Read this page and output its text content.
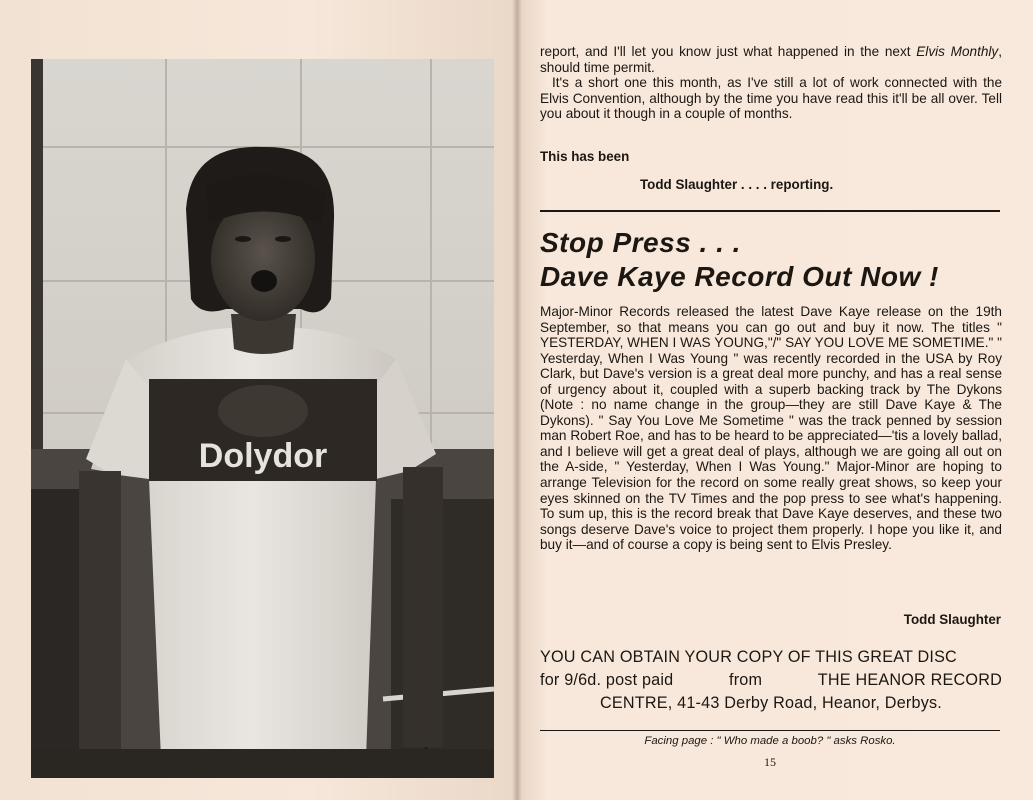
Dolydor

report, and I'll let you know just what happened in the next Elvis Monthly, should time permit.

It's a short one this month, as I've still a lot of work connected with the Elvis Convention, although by the time you have read this it'll be all over. Tell you about it though in a couple of months.

This has been
Todd Slaughter . . . . reporting.
Stop Press . . .
Dave Kaye Record Out Now !

Major-Minor Records released the latest Dave Kaye release on the 19th September, so that means you can go out and buy it now. The titles " YESTERDAY, WHEN I WAS YOUNG,"/" SAY YOU LOVE ME SOMETIME." " Yesterday, When I Was Young " was recently recorded in the USA by Roy Clark, but Dave's version is a great deal more punchy, and has a real sense of urgency about it, coupled with a superb backing track by The Dykons (Note : no name change in the group—they are still Dave Kaye & The Dykons). " Say You Love Me Sometime " was the track penned by session man Robert Roe, and has to be heard to be appreciated—'tis a lovely ballad, and I believe will get a great deal of plays, although we are going all out on the A-side, " Yesterday, When I Was Young." Major-Minor are hoping to arrange Television for the record on some really great shows, so keep your eyes skinned on the TV Times and the pop press to see what's happening. To sum up, this is the record break that Dave Kaye deserves, and these two songs deserve Dave's voice to project them properly. I hope you like it, and buy it—and of course a copy is being sent to Elvis Presley.

Todd Slaughter
YOU CAN OBTAIN YOUR COPY OF THIS GREAT DISC
for 9/6d. post paid	from	THE HEANOR RECORD
CENTRE, 41-43 Derby Road, Heanor, Derbys.
Facing page : " Who made a boob? " asks Rosko.
15
